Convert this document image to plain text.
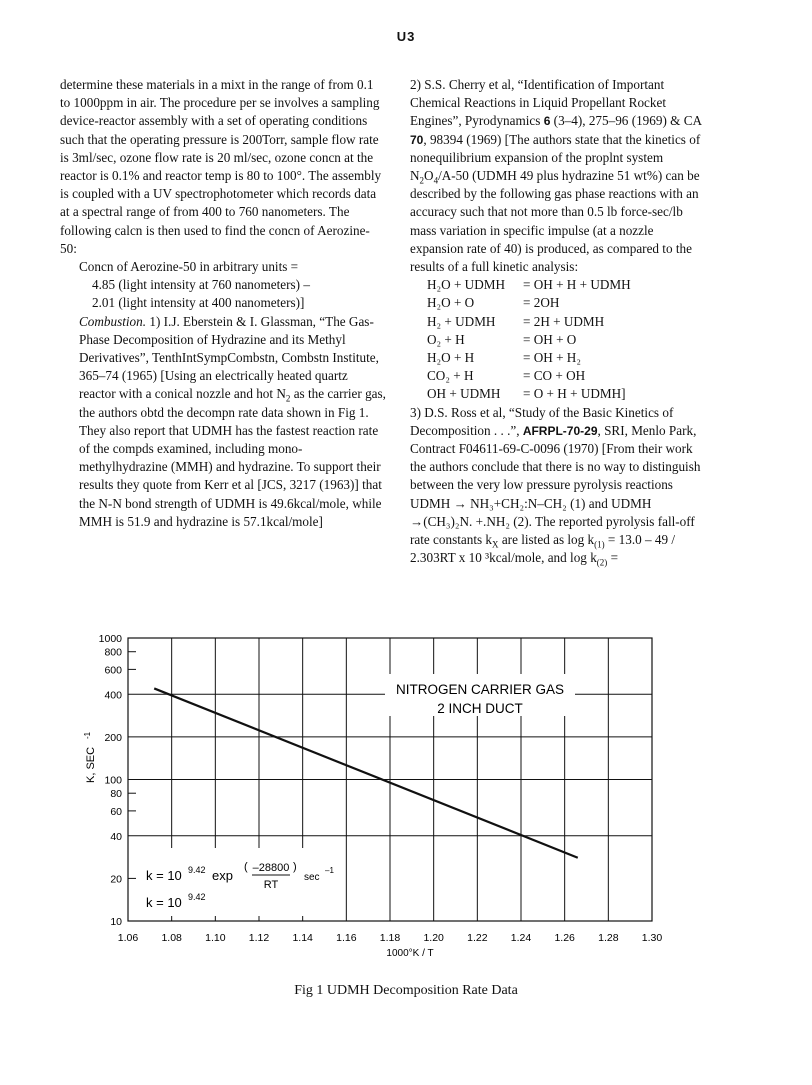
U3

determine these materials in a mixt in the range of from 0.1 to 1000ppm in air. The procedure per se involves a sampling device-reactor assembly with a set of operating conditions such that the operating pressure is 200Torr, sample flow rate is 3ml/sec, ozone flow rate is 20 ml/sec, ozone concn at the reactor is 0.1% and reactor temp is 80 to 100°. The assembly is coupled with a UV spectrophotometer which records data at a spectral range of from 400 to 760 nanometers. The following calcn is then used to find the concn of Aerozine-50:

Concn of Aerozine-50 in arbitrary units =

4.85 (light intensity at 760 nanometers) –

2.01 (light intensity at 400 nanometers)]

Combustion. 1) I.J. Eberstein & I. Glassman, “The Gas-Phase Decomposition of Hydrazine and its Methyl Derivatives”, TenthIntSympCombstn, Combstn Institute, 365–74 (1965) [Using an electrically heated quartz reactor with a conical nozzle and hot $N_2$ as the carrier gas, the authors obtd the decompn rate data shown in Fig 1. They also report that UDMH has the fastest reaction rate of the compds examined, including mono-methylhydrazine (MMH) and hydrazine. To support their results they quote from Kerr et al [JCS, 3217 (1963)] that the N-N bond strength of UDMH is 49.6kcal/mole, while MMH is 51.9 and hydrazine is 57.1kcal/mole]

2) S.S. Cherry et al, “Identification of Important Chemical Reactions in Liquid Propellant Rocket Engines”, Pyrodynamics 6 (3–4), 275–96 (1969) & CA 70, 98394 (1969) [The authors state that the kinetics of nonequilibrium expansion of the proplnt system $N_2O_4/A-50$ (UDMH 49 plus hydrazine 51 wt%) can be described by the following gas phase reactions with an accuracy such that not more than 0.5 lb force-sec/lb mass variation in specific impulse (at a nozzle expansion rate of 40) is produced, as compared to the results of a full kinetic analysis:

H₂O + UDMH	= OH + H + UDMH
H₂O + O	= 2OH
H₂ + UDMH	= 2H + UDMH
O₂ + H	= OH + O
H₂O + H	= OH + H₂
CO₂ + H	= CO + OH
OH + UDMH	= O + H + UDMH]

3) D.S. Ross et al, “Study of the Basic Kinetics of Decomposition . . .”, AFRPL-70-29, SRI, Menlo Park, Contract F04611-69-C-0096 (1970) [From their work the authors conclude that there is no way to distinguish between the very low pressure pyrolysis reactions UDMH → NH₃+CH₂:N–CH₂ (1) and UDMH →(CH₃)₂N. +.NH₂ (2). The reported pyrolysis fall-off rate constants $k_X$ are listed as $\log k_{(1)} = 13.0 - 49 / 2.303RT$ x 10 ³kcal/mole, and $\log k_{(2)}$ =

1.06 1.08 1.10 1.12 1.14 1.16 1.18 1.20 1.22 1.24 1.26 1.28 1.30
1000
800
600
400
200
100
80
60
40
20
10
NITROGEN CARRIER GAS
2 INCH DUCT
k = 10 9.42 exp
( –28800
RT
)
sec
–1
k = 10 9.42
K, SEC
-1
1000°K / T
Fig 1 UDMH Decomposition Rate Data
